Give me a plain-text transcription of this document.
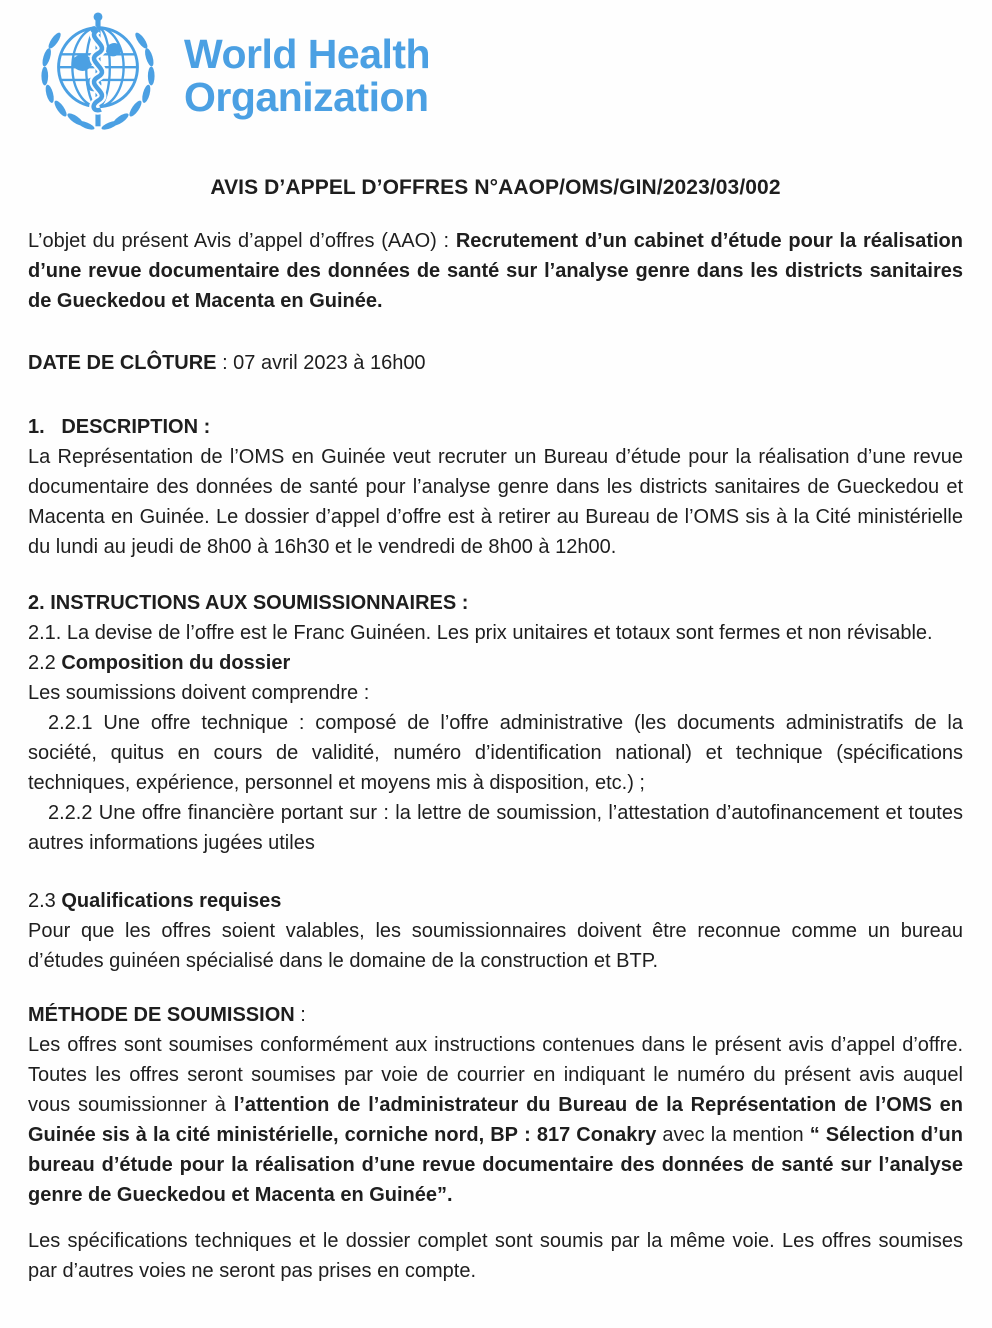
World Health
Organization
AVIS D’APPEL D’OFFRES N°AAOP/OMS/GIN/2023/03/002

L’objet du présent Avis d’appel d’offres (AAO) : Recrutement d’un cabinet d’étude pour la réalisation d’une revue documentaire des données de santé sur l’analyse genre dans les districts sanitaires de Gueckedou et Macenta en Guinée.

DATE DE CLÔTURE : 07 avril 2023 à 16h00

1.   DESCRIPTION :

La Représentation de l’OMS en Guinée veut recruter un Bureau d’étude pour la réalisation d’une revue documentaire des données de santé pour l’analyse genre dans les districts sanitaires de Gueckedou et Macenta en Guinée. Le dossier d’appel d’offre est à retirer au Bureau de l’OMS sis à la Cité ministérielle du lundi au jeudi de 8h00 à 16h30 et le vendredi de 8h00 à 12h00.

2. INSTRUCTIONS AUX SOUMISSIONNAIRES :

2.1. La devise de l’offre est le Franc Guinéen. Les prix unitaires et totaux sont fermes et non révisable.

2.2 Composition du dossier

Les soumissions doivent comprendre :

2.2.1 Une offre technique : composé de l’offre administrative (les documents administratifs de la société, quitus en cours de validité, numéro d’identification national) et technique (spécifications techniques, expérience, personnel et moyens mis à disposition, etc.) ;

2.2.2 Une offre financière portant sur : la lettre de soumission, l’attestation d’autofinancement et toutes autres informations jugées utiles

2.3 Qualifications requises

Pour que les offres soient valables, les soumissionnaires doivent être reconnue comme un bureau d’études guinéen spécialisé dans le domaine de la construction et BTP.

MÉTHODE DE SOUMISSION :

Les offres sont soumises conformément aux instructions contenues dans le présent avis d’appel d’offre. Toutes les offres seront soumises par voie de courrier en indiquant le numéro du présent avis auquel vous soumissionner à l’attention de l’administrateur du Bureau de la Représentation de l’OMS en Guinée sis à la cité ministérielle, corniche nord, BP : 817 Conakry avec la mention “ Sélection d’un bureau d’étude pour la réalisation d’une revue documentaire des données de santé sur l’analyse genre de Gueckedou et Macenta en Guinée”.

Les spécifications techniques et le dossier complet sont soumis par la même voie. Les offres soumises par d’autres voies ne seront pas prises en compte.
